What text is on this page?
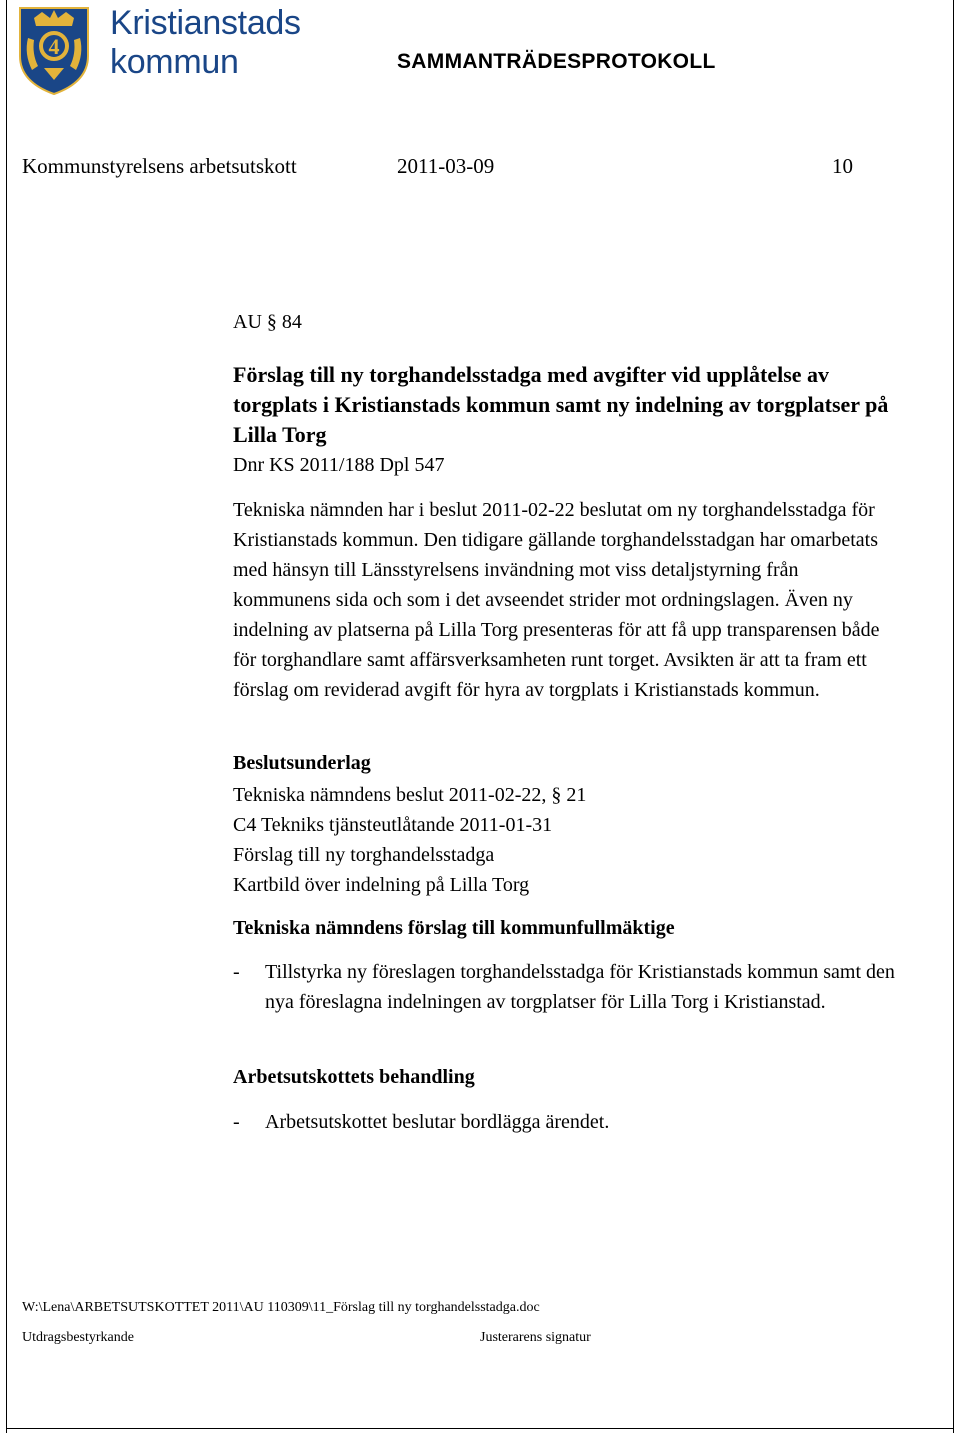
4
Kristianstads
kommun	SAMMANTRÄDESPROTOKOLL
Kommunstyrelsens arbetsutskott	2011-03-09	10
AU § 84
Förslag till ny torghandelsstadga med avgifter vid upplåtelse av torgplats i Kristianstads kommun samt ny indelning av torgplatser på Lilla Torg
Dnr KS 2011/188 Dpl 547
Tekniska nämnden har i beslut 2011-02-22 beslutat om ny torghandelsstadga för Kristianstads kommun. Den tidigare gällande torghandelsstadgan har omarbetats med hänsyn till Länsstyrelsens invändning mot viss detaljstyrning från kommunens sida och som i det avseendet strider mot ordningslagen. Även ny indelning av platserna på Lilla Torg presenteras för att få upp transparensen både för torghandlare samt affärsverksamheten runt torget. Avsikten är att ta fram ett förslag om reviderad avgift för hyra av torgplats i Kristianstads kommun.
Beslutsunderlag
Tekniska nämndens beslut 2011-02-22, § 21
C4 Tekniks tjänsteutlåtande 2011-01-31
Förslag till ny torghandelsstadga
Kartbild över indelning på Lilla Torg
Tekniska nämndens förslag till kommunfullmäktige
- Tillstyrka ny föreslagen torghandelsstadga för Kristianstads kommun samt den nya föreslagna indelningen av torgplatser för Lilla Torg i Kristianstad.
Arbetsutskottets behandling
- Arbetsutskottet beslutar bordlägga ärendet.
W:\Lena\ARBETSUTSKOTTET 2011\AU 110309\11_Förslag till ny torghandelsstadga.doc
Utdragsbestyrkande	Justerarens signatur
